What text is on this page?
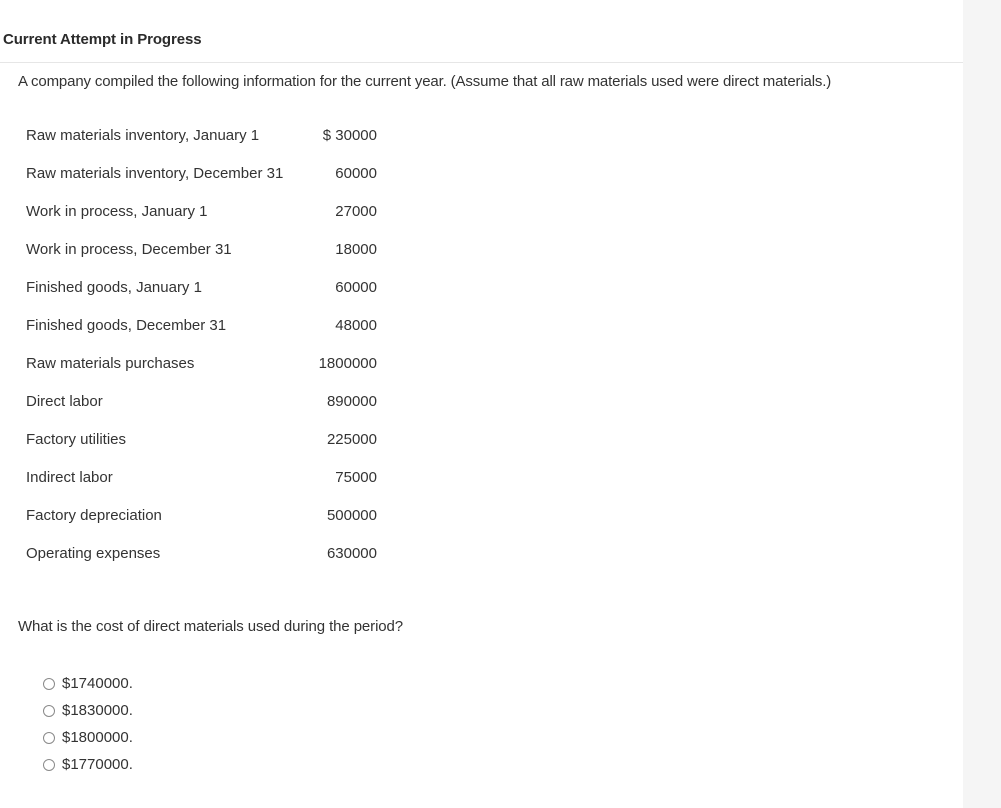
Current Attempt in Progress
A company compiled the following information for the current year. (Assume that all raw materials used were direct materials.)
Raw materials inventory, January 1	$ 30000
Raw materials inventory, December 31	60000
Work in process, January 1	27000
Work in process, December 31	18000
Finished goods, January 1	60000
Finished goods, December 31	48000
Raw materials purchases	1800000
Direct labor	890000
Factory utilities	225000
Indirect labor	75000
Factory depreciation	500000
Operating expenses	630000
What is the cost of direct materials used during the period?
$1740000.
$1830000.
$1800000.
$1770000.
